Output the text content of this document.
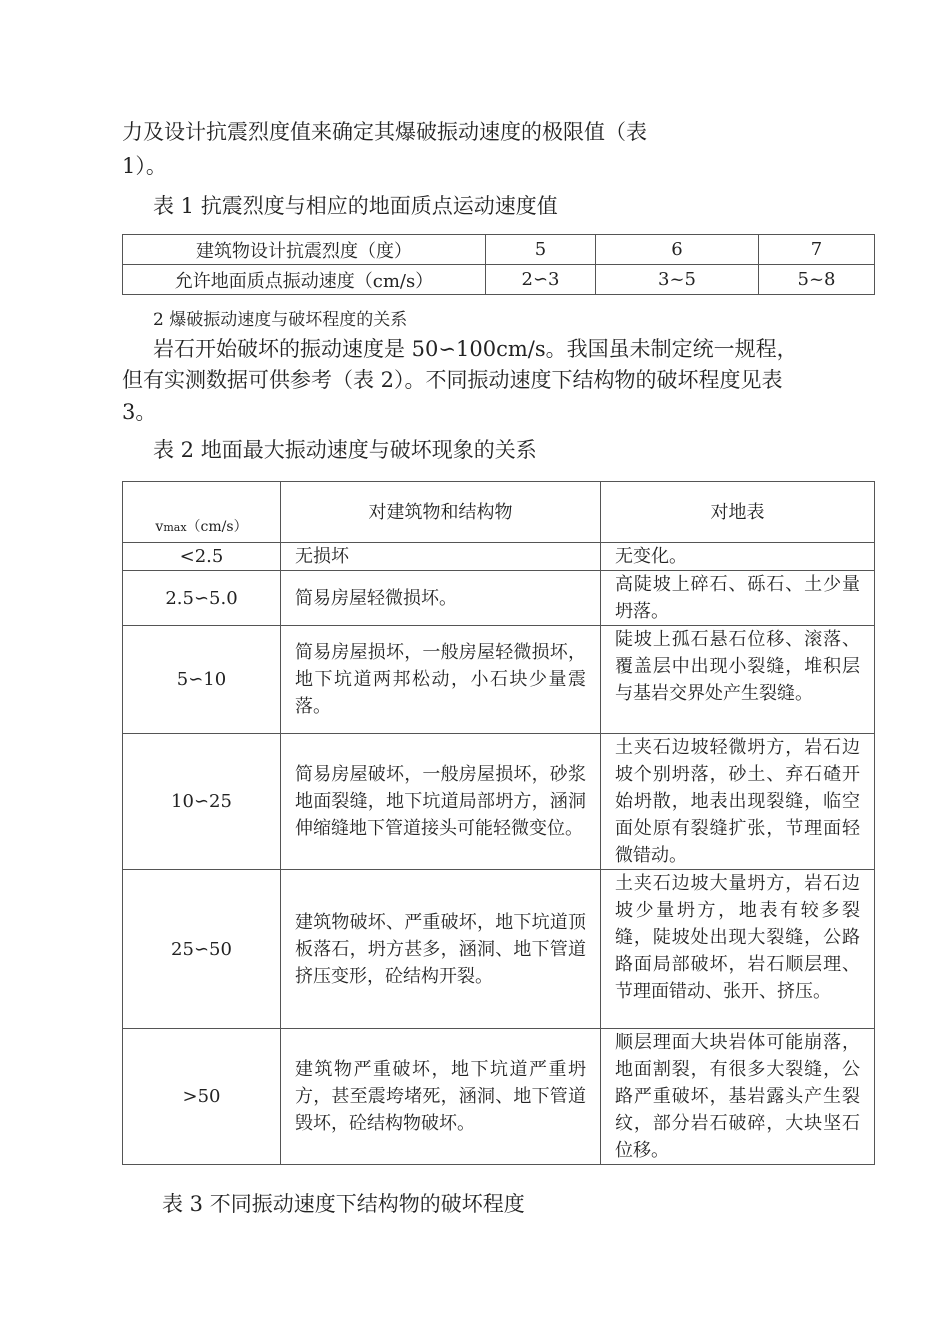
力及设计抗震烈度值来确定其爆破振动速度的极限值（表
1）。
表 1 抗震烈度与相应的地面质点运动速度值
建筑物设计抗震烈度（度）	5	6	7
允许地面质点振动速度（cm/s）	2∽3	3~5	5~8
2 爆破振动速度与破坏程度的关系
岩石开始破坏的振动速度是 50∽100cm/s。我国虽未制定统一规程，
但有实测数据可供参考（表 2）。不同振动速度下结构物的破坏程度见表
3。
表 2 地面最大振动速度与破坏现象的关系
$_{vmax(cm/s)}$	对建筑物和结构物	对地表
<2.5	无损坏	无变化。
2.5∽5.0	简易房屋轻微损坏。	高陡坡上碎石、砾石、土少量坍落。
5∽10	简易房屋损坏，一般房屋轻微损坏，地下坑道两邦松动，小石块少量震落。	陡坡上孤石悬石位移、滚落、覆盖层中出现小裂缝，堆积层与基岩交界处产生裂缝。
10∽25	简易房屋破坏，一般房屋损坏，砂浆地面裂缝，地下坑道局部坍方，涵洞伸缩缝地下管道接头可能轻微变位。	土夹石边坡轻微坍方，岩石边坡个别坍落，砂土、弃石碴开始坍散，地表出现裂缝，临空面处原有裂缝扩张，节理面轻微错动。
25∽50	建筑物破坏、严重破坏，地下坑道顶板落石，坍方甚多，涵洞、地下管道挤压变形，砼结构开裂。	土夹石边坡大量坍方，岩石边坡少量坍方，地表有较多裂缝，陡坡处出现大裂缝，公路路面局部破坏，岩石顺层理、节理面错动、张开、挤压。
>50	建筑物严重破坏，地下坑道严重坍方，甚至震垮堵死，涵洞、地下管道毁坏，砼结构物破坏。	顺层理面大块岩体可能崩落，地面割裂，有很多大裂缝，公路严重破坏，基岩露头产生裂纹，部分岩石破碎，大块坚石位移。
表 3 不同振动速度下结构物的破坏程度
